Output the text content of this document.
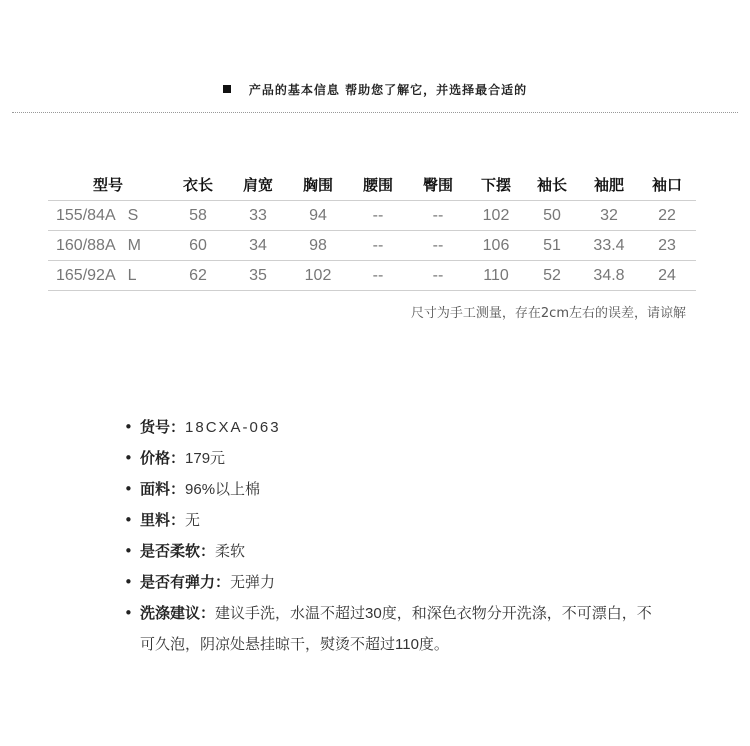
产品的基本信息 帮助您了解它，并选择最合适的
型号	衣长	肩宽	胸围	腰围	臀围	下摆	袖长	袖肥	袖口
155/84A S	58	33	94	--	--	102	50	32	22
160/88A M	60	34	98	--	--	106	51	33.4	23
165/92A L	62	35	102	--	--	110	52	34.8	24
尺寸为手工测量，存在2cm左右的误差，请谅解
• 货号：18CXA-063
• 价格：179元
• 面料：96%以上棉
• 里料：无
• 是否柔软：柔软
• 是否有弹力：无弹力
• 洗涤建议：建议手洗，水温不超过30度，和深色衣物分开洗涤，不可漂白，不可久泡，阴凉处悬挂晾干，熨烫不超过110度。
